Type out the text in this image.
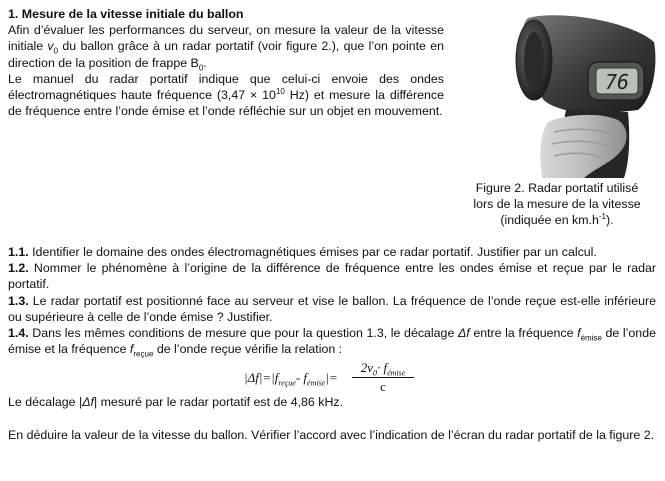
1. Mesure de la vitesse initiale du ballon
Afin d’évaluer les performances du serveur, on mesure la valeur de la vitesse initiale $v_0$ du ballon grâce à un radar portatif (voir figure 2.), que l’on pointe en direction de la position de frappe $B_0$.
Le manuel du radar portatif indique que celui-ci envoie des ondes électromagnétiques haute fréquence ($3,47 \times 10^{10}$ Hz) et mesure la différence de fréquence entre l’onde émise et l’onde réfléchie sur un objet en mouvement.

76

Figure 2. Radar portatif utilisé
lors de la mesure de la vitesse
(indiquée en $km.h^{-1}$).

1.1. Identifier le domaine des ondes électromagnétiques émises par ce radar portatif. Justifier par un calcul.

1.2. Nommer le phénomène à l’origine de la différence de fréquence entre les ondes émise et reçue par le radar portatif.

1.3. Le radar portatif est positionné face au serveur et vise le ballon. La fréquence de l’onde reçue est-elle inférieure ou supérieure à celle de l’onde émise ? Justifier.

1.4. Dans les mêmes conditions de mesure que pour la question 1.3, le décalage Δf entre la fréquence $f_{émise}$ de l’onde émise et la fréquence $f_{reçue}$ de l’onde reçue vérifie la relation :

$|\Delta f|=|f_{reçue}-$ $f_{émise}|=$
$2v_0\cdot f_{émise}$
c

Le décalage |Δf| mesuré par le radar portatif est de 4,86 kHz.

En déduire la valeur de la vitesse du ballon. Vérifier l’accord avec l’indication de l’écran du radar portatif de la figure 2.
